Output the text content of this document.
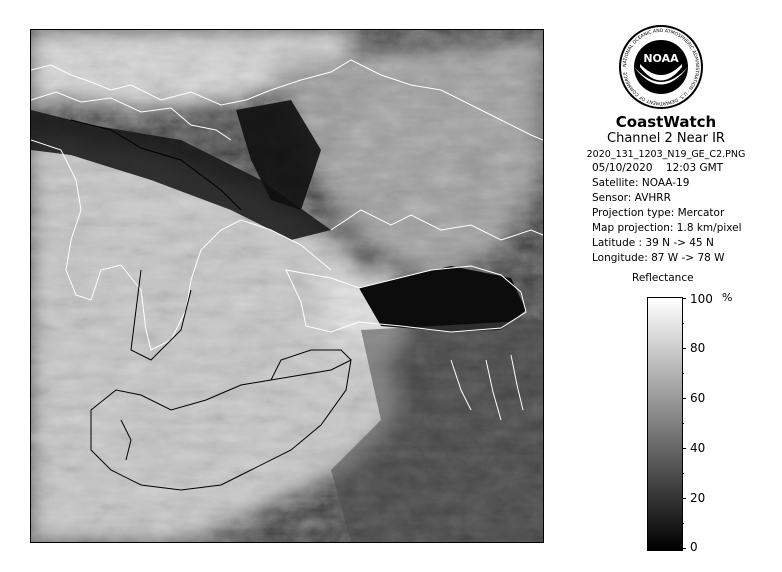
NOAA
NATIONAL OCEANIC AND ATMOSPHERIC ADMINISTRATION · U.S. DEPARTMENT OF COMMERCE
CoastWatch
Channel 2 Near IR
2020_131_1203_N19_GE_C2.PNG
05/10/2020 12:03 GMT
Satellite: NOAA-19
Sensor: AVHRR
Projection type: Mercator
Map projection: 1.8 km/pixel
Latitude : 39 N -> 45 N
Longitude: 87 W -> 78 W
Reflectance
%
100
80
60
40
20
0
